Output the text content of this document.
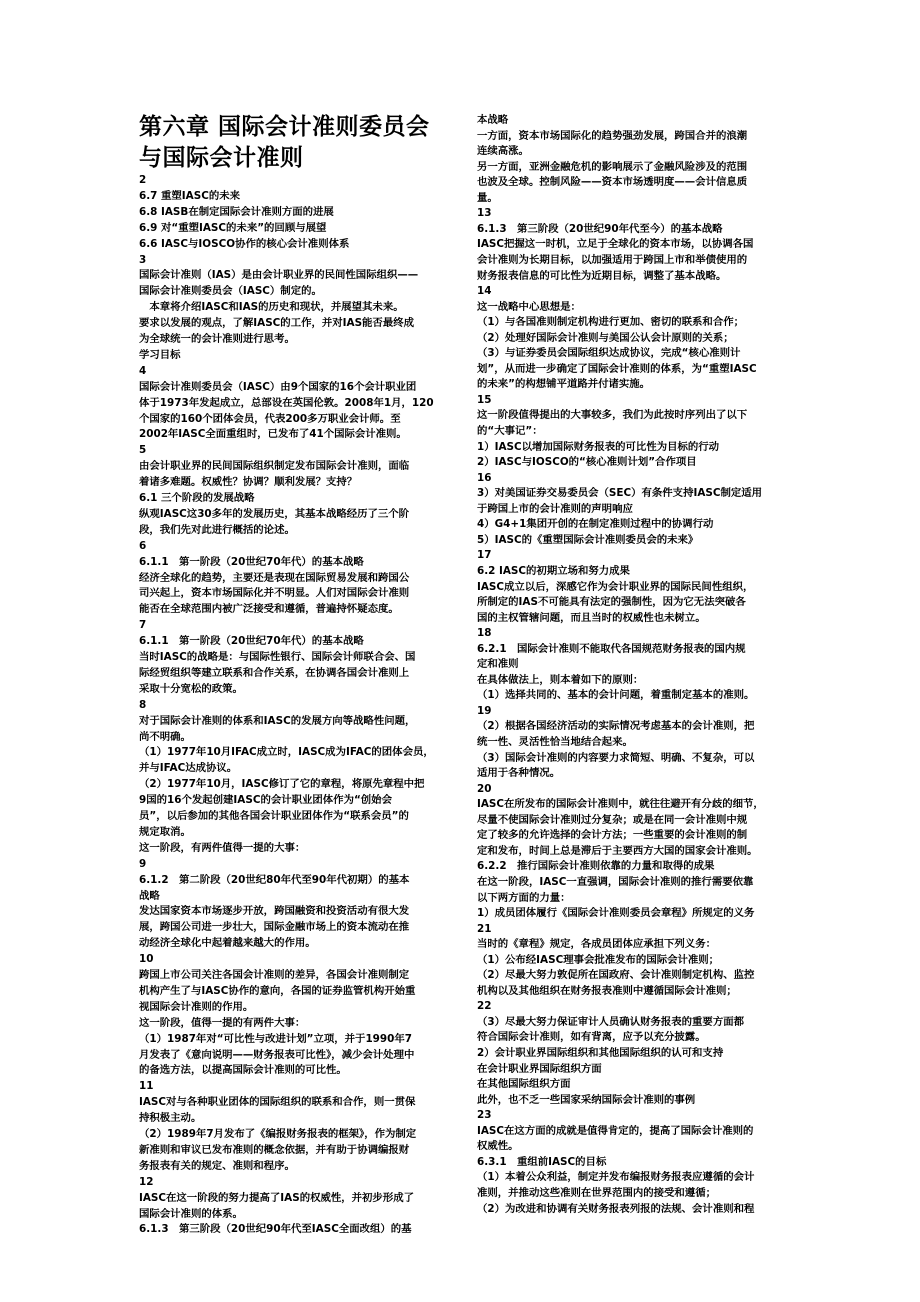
第六章 国际会计准则委员会
与国际会计准则
2
6.7 重塑IASC的未来
6.8 IASB在制定国际会计准则方面的进展
6.9 对“重塑IASC的未来”的回顾与展望
6.6 IASC与IOSCO协作的核心会计准则体系
3
国际会计准则（IAS）是由会计职业界的民间性国际组织——
国际会计准则委员会（IASC）制定的。
　本章将介绍IASC和IAS的历史和现状，并展望其未来。
要求以发展的观点，了解IASC的工作，并对IAS能否最终成
为全球统一的会计准则进行思考。
学习目标
4
国际会计准则委员会（IASC）由9个国家的16个会计职业团
体于1973年发起成立，总部设在英国伦敦。2008年1月，120
个国家的160个团体会员，代表200多万职业会计师。至
2002年IASC全面重组时，已发布了41个国际会计准则。
5
由会计职业界的民间国际组织制定发布国际会计准则，面临
着诸多难题。权威性？协调？顺利发展？支持？
6.1 三个阶段的发展战略
纵观IASC这30多年的发展历史，其基本战略经历了三个阶
段，我们先对此进行概括的论述。
6
6.1.1　第一阶段（20世纪70年代）的基本战略
经济全球化的趋势，主要还是表现在国际贸易发展和跨国公
司兴起上，资本市场国际化并不明显。人们对国际会计准则
能否在全球范围内被广泛接受和遵循，普遍持怀疑态度。
7
6.1.1　第一阶段（20世纪70年代）的基本战略
当时IASC的战略是：与国际性银行、国际会计师联合会、国
际经贸组织等建立联系和合作关系，在协调各国会计准则上
采取十分宽松的政策。
8
对于国际会计准则的体系和IASC的发展方向等战略性问题，
尚不明确。
（1）1977年10月IFAC成立时，IASC成为IFAC的团体会员，
并与IFAC达成协议。
（2）1977年10月，IASC修订了它的章程，将原先章程中把
9国的16个发起创建IASC的会计职业团体作为“创始会
员”，以后参加的其他各国会计职业团体作为“联系会员”的
规定取消。
这一阶段，有两件值得一提的大事：
9
6.1.2　第二阶段（20世纪80年代至90年代初期）的基本
战略
发达国家资本市场逐步开放，跨国融资和投资活动有很大发
展，跨国公司进一步壮大，国际金融市场上的资本流动在推
动经济全球化中起着越来越大的作用。
10
跨国上市公司关注各国会计准则的差异，各国会计准则制定
机构产生了与IASC协作的意向，各国的证券监管机构开始重
视国际会计准则的作用。
这一阶段，值得一提的有两件大事：
（1）1987年对“可比性与改进计划”立项，并于1990年7
月发表了《意向说明——财务报表可比性》，减少会计处理中
的备选方法，以提高国际会计准则的可比性。
11
IASC对与各种职业团体的国际组织的联系和合作，则一贯保
持积极主动。
（2）1989年7月发布了《编报财务报表的框架》，作为制定
新准则和审议已发布准则的概念依据，并有助于协调编报财
务报表有关的规定、准则和程序。
12
IASC在这一阶段的努力提高了IAS的权威性，并初步形成了
国际会计准则的体系。
6.1.3　第三阶段（20世纪90年代至IASC全面改组）的基
本战略
一方面，资本市场国际化的趋势强劲发展，跨国合并的浪潮
连续高涨。
另一方面，亚洲金融危机的影响展示了金融风险涉及的范围
也波及全球。控制风险——资本市场透明度——会计信息质
量。
13
6.1.3　第三阶段（20世纪90年代至今）的基本战略
IASC把握这一时机，立足于全球化的资本市场，以协调各国
会计准则为长期目标，以加强适用于跨国上市和举债使用的
财务报表信息的可比性为近期目标，调整了基本战略。
14
这一战略中心思想是：
（1）与各国准则制定机构进行更加、密切的联系和合作；
（2）处理好国际会计准则与美国公认会计原则的关系；
（3）与证券委员会国际组织达成协议，完成“核心准则计
划”，从而进一步确定了国际会计准则的体系，为“重塑IASC
的未来”的构想铺平道路并付诸实施。
15
这一阶段值得提出的大事较多，我们为此按时序列出了以下
的“大事记”：
1）IASC以增加国际财务报表的可比性为目标的行动
2）IASC与IOSCO的“核心准则计划”合作项目
16
3）对美国证券交易委员会（SEC）有条件支持IASC制定适用
于跨国上市的会计准则的声明响应
4）G4+1集团开创的在制定准则过程中的协调行动
5）IASC的《重塑国际会计准则委员会的未来》
17
6.2 IASC的初期立场和努力成果
IASC成立以后，深感它作为会计职业界的国际民间性组织，
所制定的IAS不可能具有法定的强制性，因为它无法突破各
国的主权管辖问题，而且当时的权威性也未树立。
18
6.2.1　国际会计准则不能取代各国规范财务报表的国内规
定和准则
在具体做法上，则本着如下的原则：
（1）选择共同的、基本的会计问题，着重制定基本的准则。
19
（2）根据各国经济活动的实际情况考虑基本的会计准则，把
统一性、灵活性恰当地结合起来。
（3）国际会计准则的内容要力求简短、明确、不复杂，可以
适用于各种情况。
20
IASC在所发布的国际会计准则中，就往往避开有分歧的细节，
尽量不使国际会计准则过分复杂；或是在同一会计准则中规
定了较多的允许选择的会计方法；一些重要的会计准则的制
定和发布，时间上总是滞后于主要西方大国的国家会计准则。
6.2.2　推行国际会计准则依靠的力量和取得的成果
在这一阶段，IASC一直强调，国际会计准则的推行需要依靠
以下两方面的力量：
1）成员团体履行《国际会计准则委员会章程》所规定的义务
21
当时的《章程》规定，各成员团体应承担下列义务：
（1）公布经IASC理事会批准发布的国际会计准则；
（2）尽最大努力敦促所在国政府、会计准则制定机构、监控
机构以及其他组织在财务报表准则中遵循国际会计准则；
22
（3）尽最大努力保证审计人员确认财务报表的重要方面都
符合国际会计准则，如有背离，应予以充分披露。
2）会计职业界国际组织和其他国际组织的认可和支持
在会计职业界国际组织方面
在其他国际组织方面
此外，也不乏一些国家采纳国际会计准则的事例
23
IASC在这方面的成就是值得肯定的，提高了国际会计准则的
权威性。
6.3.1　重组前IASC的目标
（1）本着公众利益，制定并发布编报财务报表应遵循的会计
准则，并推动这些准则在世界范围内的接受和遵循；
（2）为改进和协调有关财务报表列报的法规、会计准则和程
